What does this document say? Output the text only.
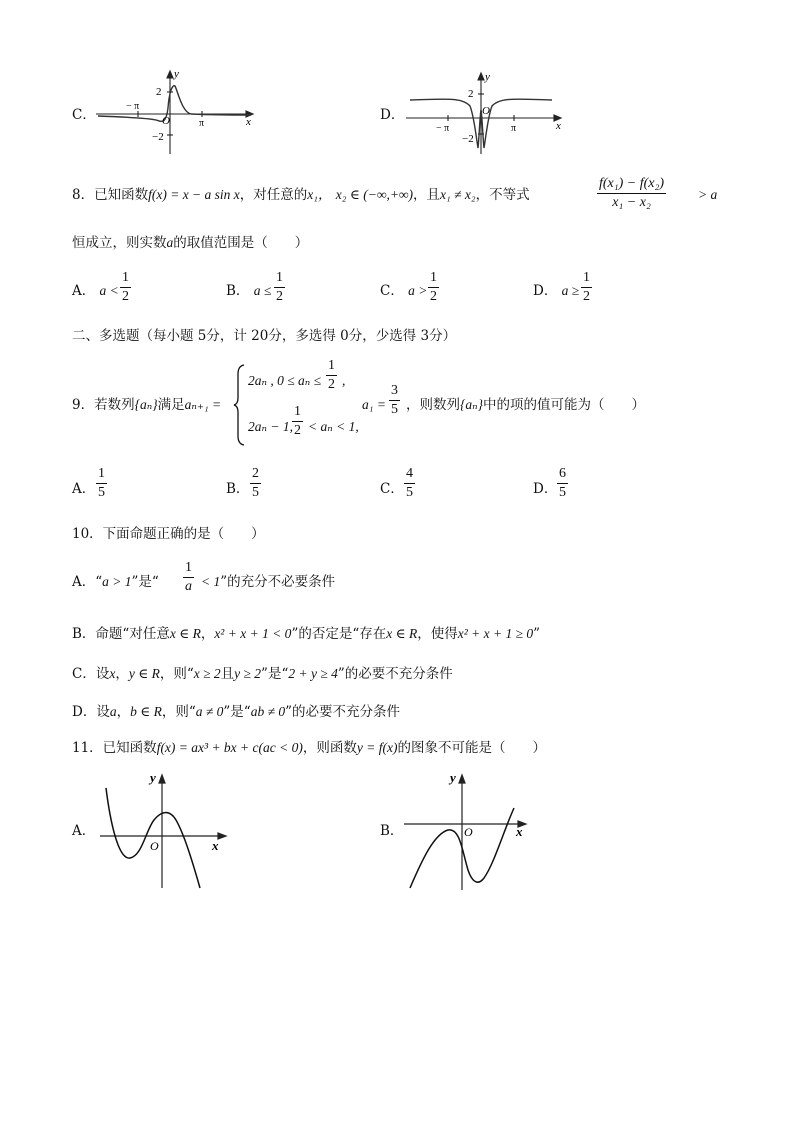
C．
2
−2
− π
π
O	x
y
D．
2
−2
− π	π
O
x
y
8．已知函数f(x) = x − a sin x，对任意的x₁， x₂ ∈ (−∞,+∞)，且x₁ ≠ x₂，不等式	$\frac{\text{f(x₁) − f(x₂)}}{\text{x₁ − x₂}} > a$
恒成立，则实数a的取值范围是（　　）
A． $a < \frac{1}{2}$	B． $a \le \frac{1}{2}$	C． $a > \frac{1}{2}$	D． $a \ge \frac{1}{2}$
二、多选题（每小题 5分，计 20分，多选得 0分，少选得 3分）
9．若数列{aₙ}满足aₙ₊₁ =
2aₙ , $0 \le a_n \le \frac{1}{2}$ ,
2aₙ − 1, $\frac{1}{2} < a_n < 1$,
$a_1 = \frac{3}{5}$ ，则数列{aₙ}中的项的值可能为（　　）
A． $\frac{1}{5}$	B． $\frac{2}{5}$	C． $\frac{4}{5}$	D． $\frac{6}{5}$
10．下面命题正确的是（　　）
A．“a > 1”是“ $\frac{1}{a} < 1$”的充分不必要条件
B．命题“对任意x ∈ R，x² + x + 1 < 0”的否定是“存在x ∈ R，使得x² + x + 1 ≥ 0”
C．设x，y ∈ R，则“x ≥ 2且y ≥ 2”是“2 + y ≥ 4”的必要不充分条件
D．设a，b ∈ R，则“a ≠ 0”是“ab ≠ 0”的必要不充分条件
11．已知函数f(x) = ax³ + bx + c(ac < 0)，则函数y = f(x)的图象不可能是（　　）
A．
y
x
O
B．
y
x
O
